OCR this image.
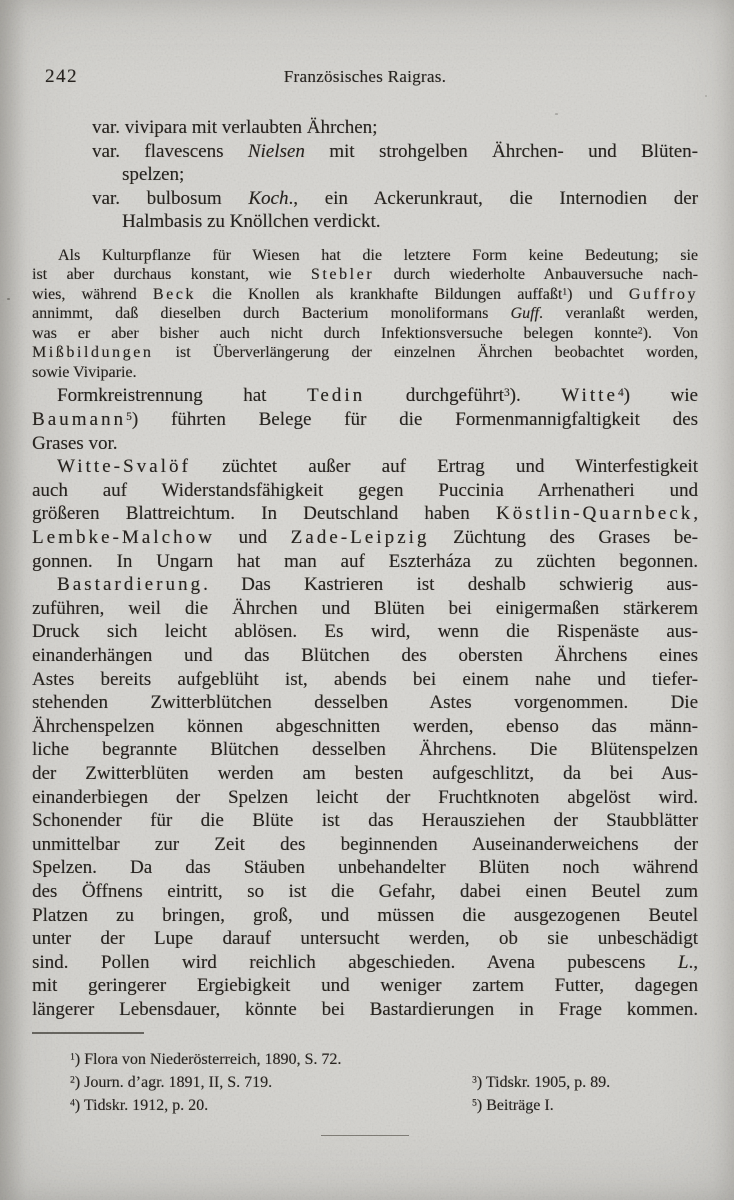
242	Französisches Raigras.
var. vivipara mit verlaubten Ährchen;
var. flavescens Nielsen mit strohgelben Ährchen- und Blüten-
spelzen;
var. bulbosum Koch., ein Ackerunkraut, die Internodien der
Halmbasis zu Knöllchen verdickt.
Als Kulturpflanze für Wiesen hat die letztere Form keine Bedeutung; sie
ist aber durchaus konstant, wie Stebler durch wiederholte Anbauversuche nach-
wies, während Beck die Knollen als krankhafte Bildungen auffaßt$^1$) und Guffroy
annimmt, daß dieselben durch Bacterium monoliformans Guff. veranlaßt werden,
was er aber bisher auch nicht durch Infektionsversuche belegen konnte$^2$). Von
Mißbildungen ist Überverlängerung der einzelnen Ährchen beobachtet worden,
sowie Viviparie.
Formkreistrennung hat Tedin durchgeführt$^3$). Witte$^4$) wie
Baumann$^5$) führten Belege für die Formenmannigfaltigkeit des
Grases vor.
Witte-Svalöf züchtet außer auf Ertrag und Winterfestigkeit
auch auf Widerstandsfähigkeit gegen Puccinia Arrhenatheri und
größeren Blattreichtum. In Deutschland haben Köstlin-Quarnbeck,
Lembke-Malchow und Zade-Leipzig Züchtung des Grases be-
gonnen. In Ungarn hat man auf Eszterháza zu züchten begonnen.
Bastardierung. Das Kastrieren ist deshalb schwierig aus-
zuführen, weil die Ährchen und Blüten bei einigermaßen stärkerem
Druck sich leicht ablösen. Es wird, wenn die Rispenäste aus-
einanderhängen und das Blütchen des obersten Ährchens eines
Astes bereits aufgeblüht ist, abends bei einem nahe und tiefer-
stehenden Zwitterblütchen desselben Astes vorgenommen. Die
Ährchenspelzen können abgeschnitten werden, ebenso das männ-
liche begrannte Blütchen desselben Ährchens. Die Blütenspelzen
der Zwitterblüten werden am besten aufgeschlitzt, da bei Aus-
einanderbiegen der Spelzen leicht der Fruchtknoten abgelöst wird.
Schonender für die Blüte ist das Herausziehen der Staubblätter
unmittelbar zur Zeit des beginnenden Auseinanderweichens der
Spelzen. Da das Stäuben unbehandelter Blüten noch während
des Öffnens eintritt, so ist die Gefahr, dabei einen Beutel zum
Platzen zu bringen, groß, und müssen die ausgezogenen Beutel
unter der Lupe darauf untersucht werden, ob sie unbeschädigt
sind. Pollen wird reichlich abgeschieden. Avena pubescens L.,
mit geringerer Ergiebigkeit und weniger zartem Futter, dagegen
längerer Lebensdauer, könnte bei Bastardierungen in Frage kommen.
$^1$) Flora von Niederösterreich, 1890, S. 72.
$^2$) Journ. d’agr. 1891, II, S. 719.	$^3$) Tidskr. 1905, p. 89.
$^4$) Tidskr. 1912, p. 20.	$^5$) Beiträge I.
